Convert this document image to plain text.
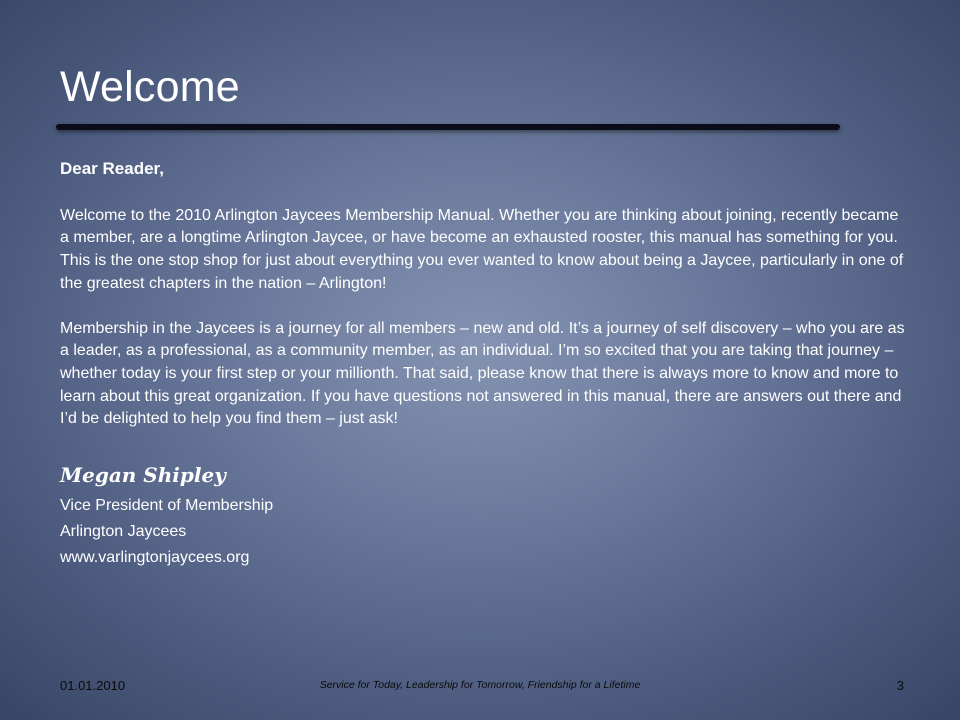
Welcome

Dear Reader,

Welcome to the 2010 Arlington Jaycees Membership Manual. Whether you are thinking about joining, recently became a member, are a longtime Arlington Jaycee, or have become an exhausted rooster, this manual has something for you. This is the one stop shop for just about everything you ever wanted to know about being a Jaycee, particularly in one of the greatest chapters in the nation – Arlington!

Membership in the Jaycees is a journey for all members – new and old. It’s a journey of self discovery – who you are as a leader, as a professional, as a community member, as an individual. I’m so excited that you are taking that journey – whether today is your first step or your millionth. That said, please know that there is always more to know and more to learn about this great organization. If you have questions not answered in this manual, there are answers out there and I’d be delighted to help you find them – just ask!

Megan Shipley

Vice President of Membership

Arlington Jaycees

www.varlingtonjaycees.org

01.01.2010	Service for Today, Leadership for Tomorrow, Friendship for a Lifetime	3
